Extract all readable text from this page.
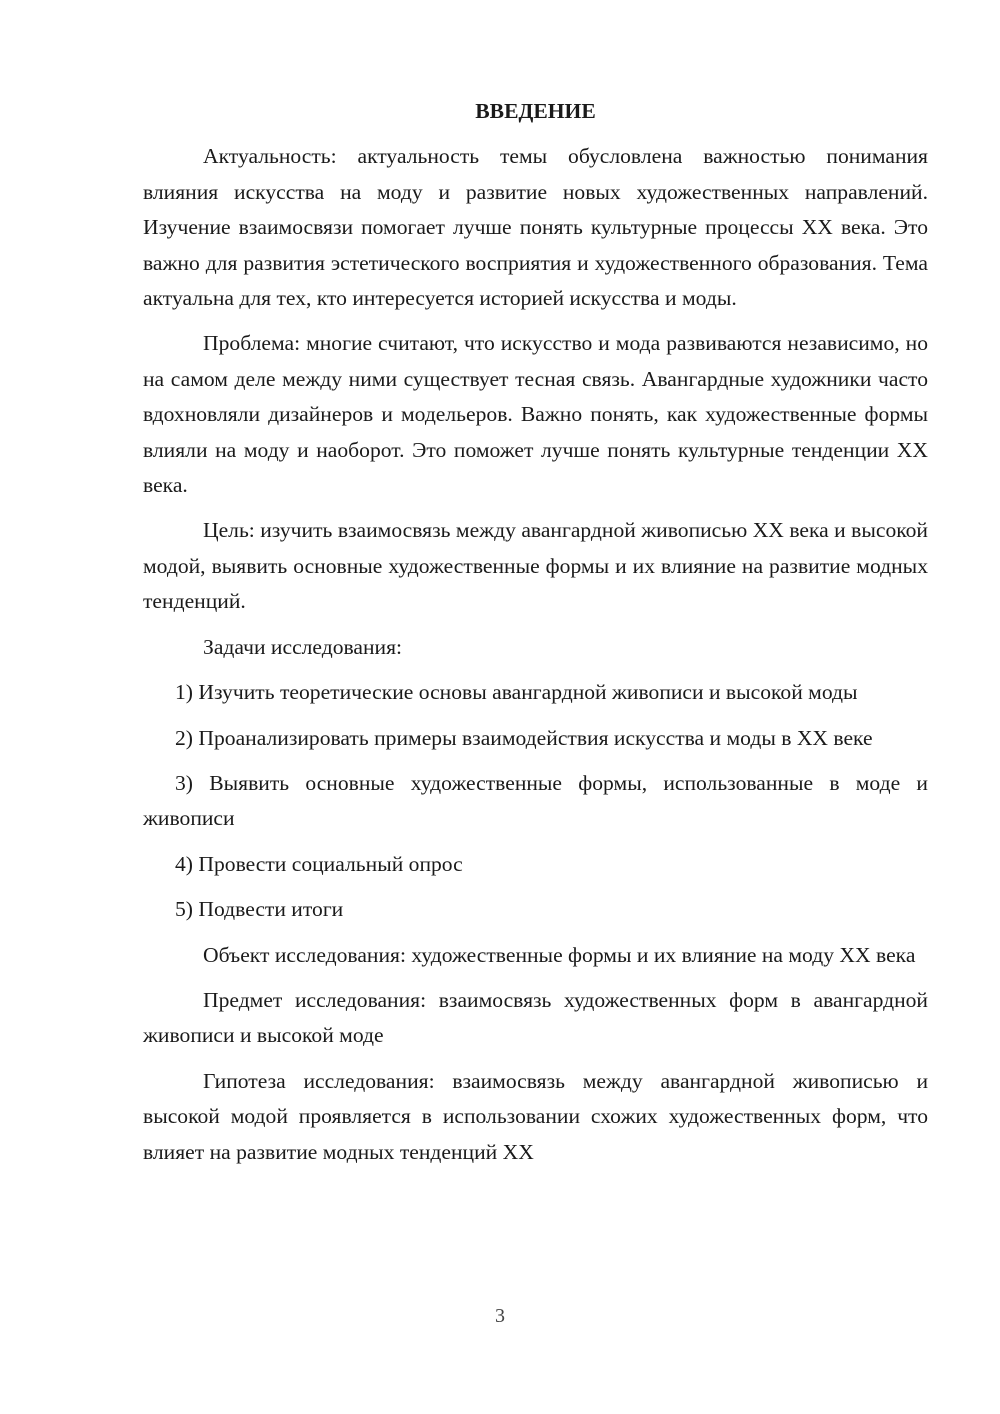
ВВЕДЕНИЕ

Актуальность: актуальность темы обусловлена важностью понимания влияния искусства на моду и развитие новых художественных направлений. Изучение взаимосвязи помогает лучше понять культурные процессы XX века. Это важно для развития эстетического восприятия и художественного образования. Тема актуальна для тех, кто интересуется историей искусства и моды.

Проблема: многие считают, что искусство и мода развиваются независимо, но на самом деле между ними существует тесная связь. Авангардные художники часто вдохновляли дизайнеров и модельеров. Важно понять, как художественные формы влияли на моду и наоборот. Это поможет лучше понять культурные тенденции XX века.

Цель: изучить взаимосвязь между авангардной живописью XX века и высокой модой, выявить основные художественные формы и их влияние на развитие модных тенденций.

Задачи исследования:

1) Изучить теоретические основы авангардной живописи и высокой моды

2) Проанализировать примеры взаимодействия искусства и моды в XX веке

3) Выявить основные художественные формы, использованные в моде и живописи

4) Провести социальный опрос

5) Подвести итоги

Объект исследования: художественные формы и их влияние на моду XX века

Предмет исследования: взаимосвязь художественных форм в авангардной живописи и высокой моде

Гипотеза исследования: взаимосвязь между авангардной живописью и высокой модой проявляется в использовании схожих художественных форм, что влияет на развитие модных тенденций XX

3
